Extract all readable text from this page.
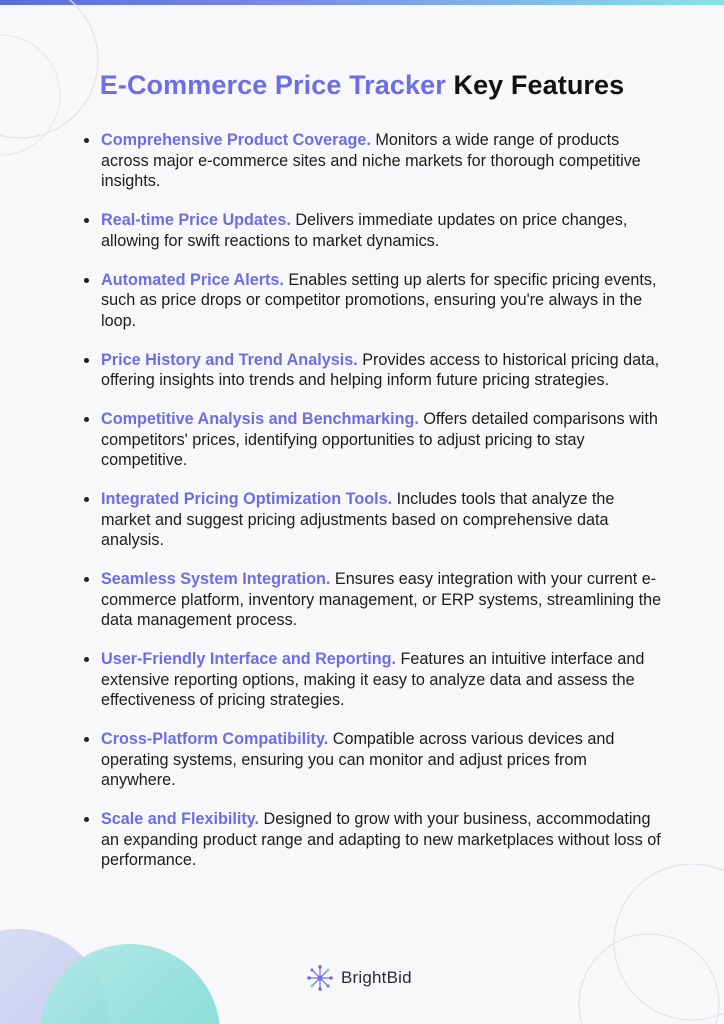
E-Commerce Price Tracker Key Features
Comprehensive Product Coverage. Monitors a wide range of products across major e-commerce sites and niche markets for thorough competitive insights.
Real-time Price Updates. Delivers immediate updates on price changes, allowing for swift reactions to market dynamics.
Automated Price Alerts. Enables setting up alerts for specific pricing events, such as price drops or competitor promotions, ensuring you're always in the loop.
Price History and Trend Analysis. Provides access to historical pricing data, offering insights into trends and helping inform future pricing strategies.
Competitive Analysis and Benchmarking. Offers detailed comparisons with competitors' prices, identifying opportunities to adjust pricing to stay competitive.
Integrated Pricing Optimization Tools. Includes tools that analyze the market and suggest pricing adjustments based on comprehensive data analysis.
Seamless System Integration. Ensures easy integration with your current e-commerce platform, inventory management, or ERP systems, streamlining the data management process.
User-Friendly Interface and Reporting. Features an intuitive interface and extensive reporting options, making it easy to analyze data and assess the effectiveness of pricing strategies.
Cross-Platform Compatibility. Compatible across various devices and operating systems, ensuring you can monitor and adjust prices from anywhere.
Scale and Flexibility. Designed to grow with your business, accommodating an expanding product range and adapting to new marketplaces without loss of performance.
BrightBid
